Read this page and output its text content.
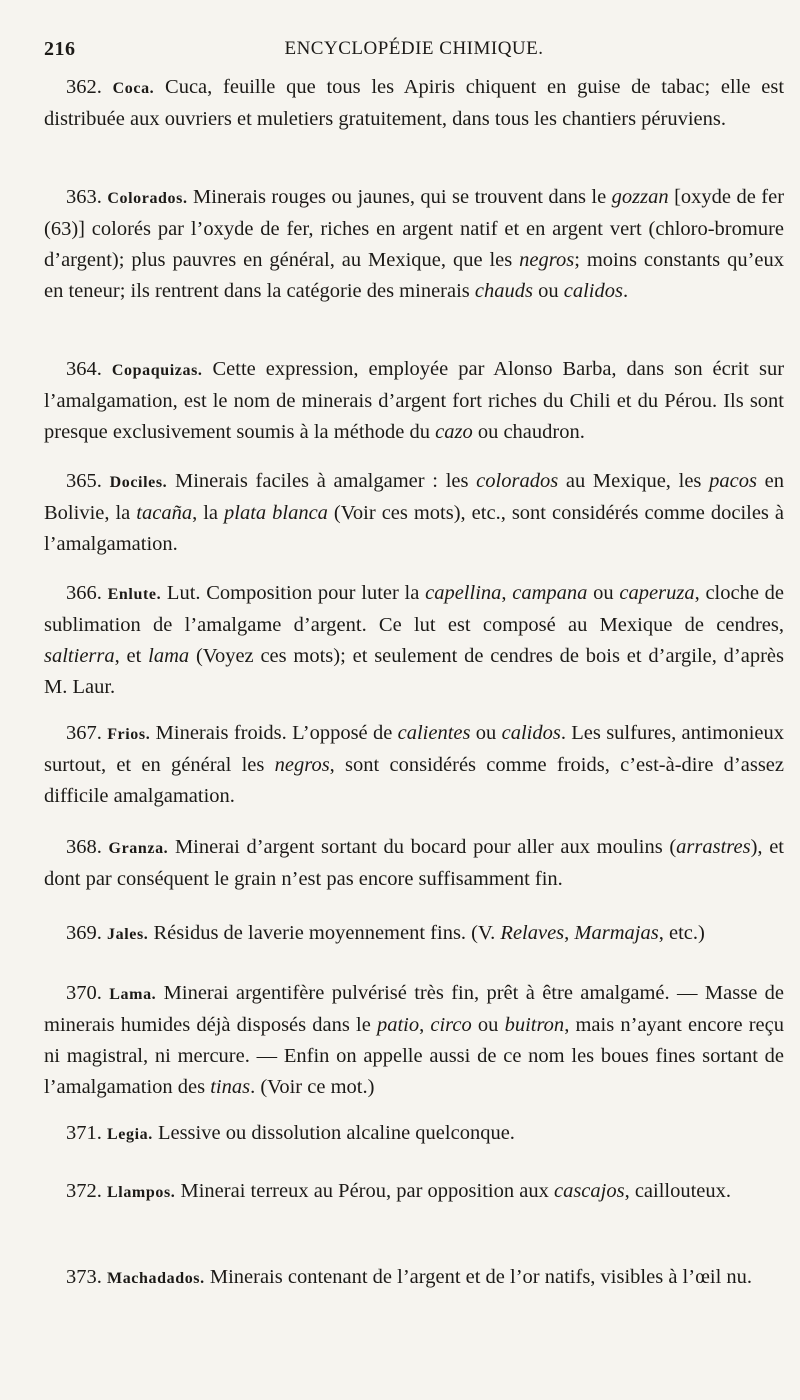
216	ENCYCLOPÉDIE CHIMIQUE.
362. Coca. Cuca, feuille que tous les Apiris chiquent en guise de tabac; elle est distribuée aux ouvriers et muletiers gratuitement, dans tous les chantiers péruviens.
363. Colorados. Minerais rouges ou jaunes, qui se trouvent dans le gozzan [oxyde de fer (63)] colorés par l’oxyde de fer, riches en argent natif et en argent vert (chloro-bromure d’argent); plus pauvres en général, au Mexique, que les negros; moins constants qu’eux en teneur; ils rentrent dans la catégorie des minerais chauds ou calidos.
364. Copaquizas. Cette expression, employée par Alonso Barba, dans son écrit sur l’amalgamation, est le nom de minerais d’argent fort riches du Chili et du Pérou. Ils sont presque exclusivement soumis à la méthode du cazo ou chaudron.
365. Dociles. Minerais faciles à amalgamer : les colorados au Mexique, les pacos en Bolivie, la tacaña, la plata blanca (Voir ces mots), etc., sont considérés comme dociles à l’amalgamation.
366. Enlute. Lut. Composition pour luter la capellina, campana ou caperuza, cloche de sublimation de l’amalgame d’argent. Ce lut est composé au Mexique de cendres, saltierra, et lama (Voyez ces mots); et seulement de cendres de bois et d’argile, d’après M. Laur.
367. Frios. Minerais froids. L’opposé de calientes ou calidos. Les sulfures, antimonieux surtout, et en général les negros, sont considérés comme froids, c’est-à-dire d’assez difficile amalgamation.
368. Granza. Minerai d’argent sortant du bocard pour aller aux moulins (arrastres), et dont par conséquent le grain n’est pas encore suffisamment fin.
369. Jales. Résidus de laverie moyennement fins. (V. Relaves, Marmajas, etc.)
370. Lama. Minerai argentifère pulvérisé très fin, prêt à être amalgamé. — Masse de minerais humides déjà disposés dans le patio, circo ou buitron, mais n’ayant encore reçu ni magistral, ni mercure. — Enfin on appelle aussi de ce nom les boues fines sortant de l’amalgamation des tinas. (Voir ce mot.)
371. Legia. Lessive ou dissolution alcaline quelconque.
372. Llampos. Minerai terreux au Pérou, par opposition aux cascajos, caillouteux.
373. Machadados. Minerais contenant de l’argent et de l’or natifs, visibles à l’œil nu.
